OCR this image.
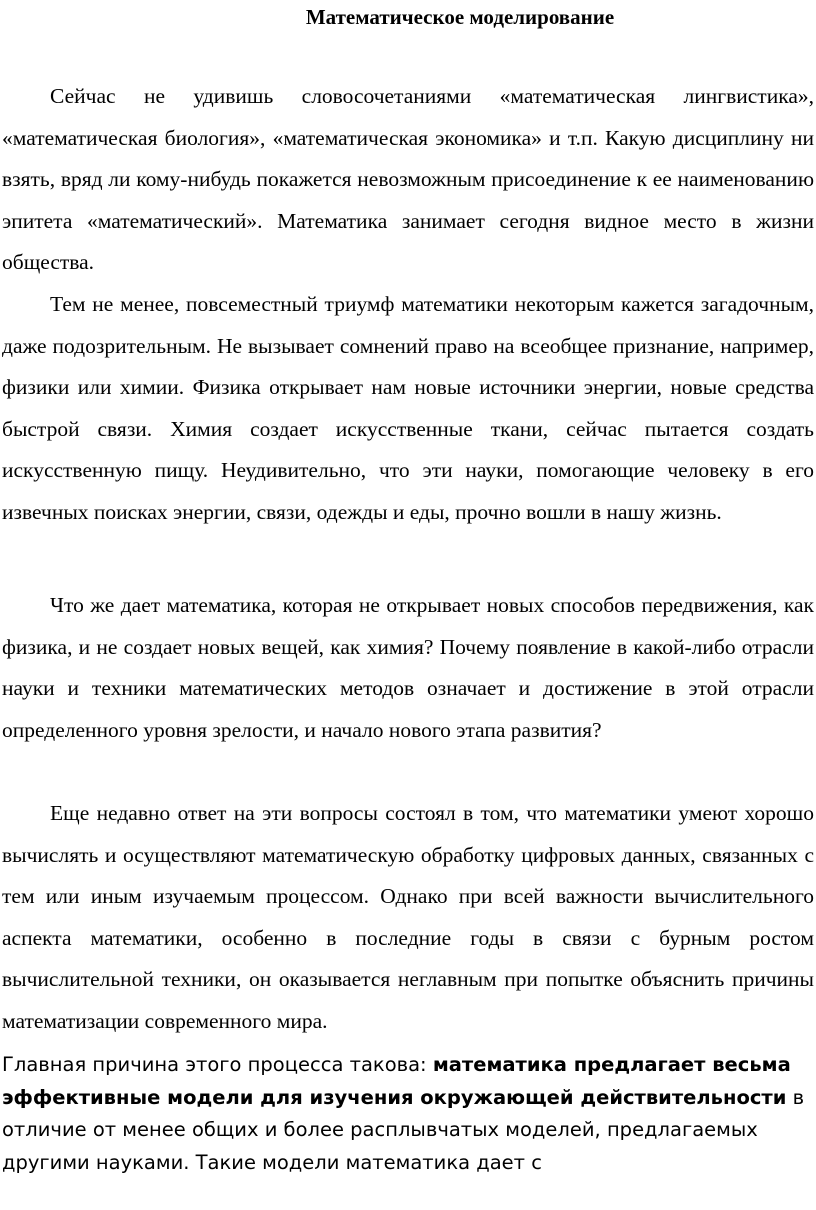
Математическое моделирование

Сейчас не удивишь словосочетаниями «математическая лингвистика», «математическая биология», «математическая экономика» и т.п. Какую дисциплину ни взять, вряд ли кому-нибудь покажется невозможным присоединение к ее наименованию эпитета «математический». Математика занимает сегодня видное место в жизни общества.

Тем не менее, повсеместный триумф математики некоторым кажется загадочным, даже подозрительным. Не вызывает сомнений право на всеобщее признание, например, физики или химии. Физика открывает нам новые источники энергии, новые средства быстрой связи. Химия создает искусственные ткани, сейчас пытается создать искусственную пищу. Неудивительно, что эти науки, помогающие человеку в его извечных поисках энергии, связи, одежды и еды, прочно вошли в нашу жизнь.

Что же дает математика, которая не открывает новых способов передвижения, как физика, и не создает новых вещей, как химия? Почему появление в какой-либо отрасли науки и техники математических методов означает и достижение в этой отрасли определенного уровня зрелости, и начало нового этапа развития?

Еще недавно ответ на эти вопросы состоял в том, что математики умеют хорошо вычислять и осуществляют математическую обработку цифровых данных, связанных с тем или иным изучаемым процессом. Однако при всей важности вычислительного аспекта математики, особенно в последние годы в связи с бурным ростом вычислительной техники, он оказывается неглавным при попытке объяснить причины математизации современного мира.

Главная причина этого процесса такова: математика предлагает весьма эффективные модели для изучения окружающей действительности в отличие от менее общих и более расплывчатых моделей, предлагаемых другими науками. Такие модели математика дает с
